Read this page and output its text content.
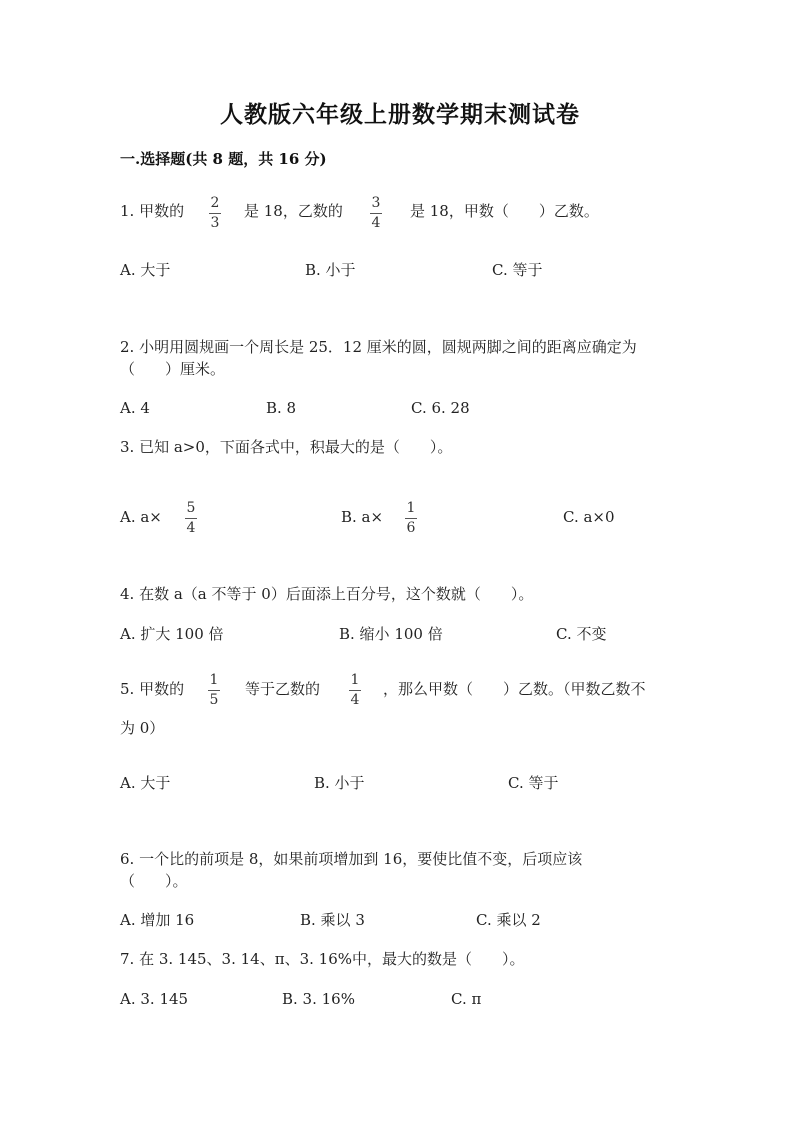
人教版六年级上册数学期末测试卷
一.选择题(共 8 题，共 16 分)
1. 甲数的 2
3
是 18，乙数的 3
4
是 18，甲数（　　）乙数。
A. 大于	B. 小于	C. 等于
2. 小明用圆规画一个周长是 25．12 厘米的圆，圆规两脚之间的距离应确定为
（　　）厘米。
A. 4	B. 8	C. 6. 28
3. 已知 a>0，下面各式中，积最大的是（　　）。
A. a× 5
4
B. a× 1
6
C. a×0
4. 在数 a（a 不等于 0）后面添上百分号，这个数就（　　）。
A. 扩大 100 倍	B. 缩小 100 倍	C. 不变
5. 甲数的 1
5
等于乙数的 1
4
，那么甲数（　　）乙数。（甲数乙数不
为 0）
A. 大于	B. 小于	C. 等于
6. 一个比的前项是 8，如果前项增加到 16，要使比值不变，后项应该
（　　）。
A. 增加 16	B. 乘以 3	C. 乘以 2
7. 在 3. 145、3. 14、π、3. 16%中，最大的数是（　　）。
A. 3. 145	B. 3. 16%	C. π
